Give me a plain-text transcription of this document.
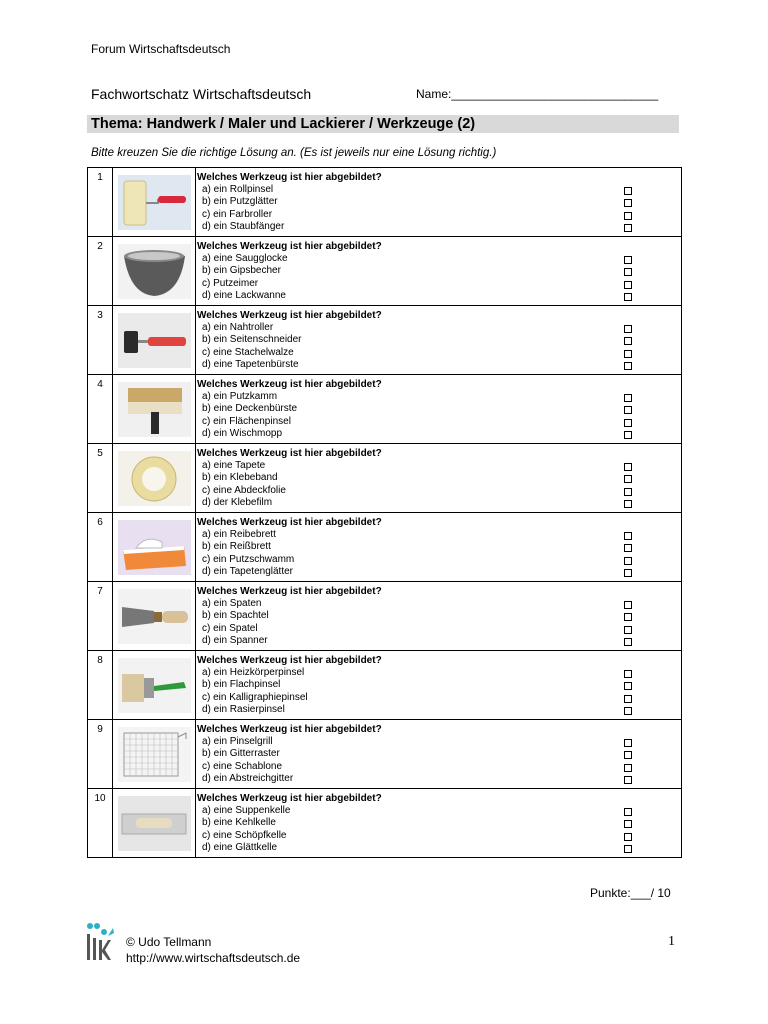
Forum Wirtschaftsdeutsch
Fachwortschatz Wirtschaftsdeutsch	Name:_______________________________
Thema: Handwerk / Maler und Lackierer / Werkzeuge (2)
Bitte kreuzen Sie die richtige Lösung an. (Es ist jeweils nur eine Lösung richtig.)
1		Welches Werkzeug ist hier abgebildet?
a) ein Rollpinsel
b) ein Putzglätter
c) ein Farbroller
d) ein Staubfänger

2		Welches Werkzeug ist hier abgebildet?
a) eine Saugglocke
b) ein Gipsbecher
c) Putzeimer
d) eine Lackwanne

3		Welches Werkzeug ist hier abgebildet?
a) ein Nahtroller
b) ein Seitenschneider
c) eine Stachelwalze
d) eine Tapetenbürste

4		Welches Werkzeug ist hier abgebildet?
a) ein Putzkamm
b) eine Deckenbürste
c) ein Flächenpinsel
d) ein Wischmopp

5		Welches Werkzeug ist hier abgebildet?
a) eine Tapete
b) ein Klebeband
c) eine Abdeckfolie
d) der Klebefilm

6		Welches Werkzeug ist hier abgebildet?
a) ein Reibebrett
b) ein Reißbrett
c) ein Putzschwamm
d) ein Tapetenglätter

7		Welches Werkzeug ist hier abgebildet?
a) ein Spaten
b) ein Spachtel
c) ein Spatel
d) ein Spanner

8		Welches Werkzeug ist hier abgebildet?
a) ein Heizkörperpinsel
b) ein Flachpinsel
c) ein Kalligraphiepinsel
d) ein Rasierpinsel

9		Welches Werkzeug ist hier abgebildet?
a) ein Pinselgrill
b) ein Gitterraster
c) eine Schablone
d) ein Abstreichgitter

10		Welches Werkzeug ist hier abgebildet?
a) eine Suppenkelle
b) eine Kehlkelle
c) eine Schöpfkelle
d) eine Glättkelle
Punkte:___/ 10
© Udo Tellmann
http://www.wirtschaftsdeutsch.de
1
